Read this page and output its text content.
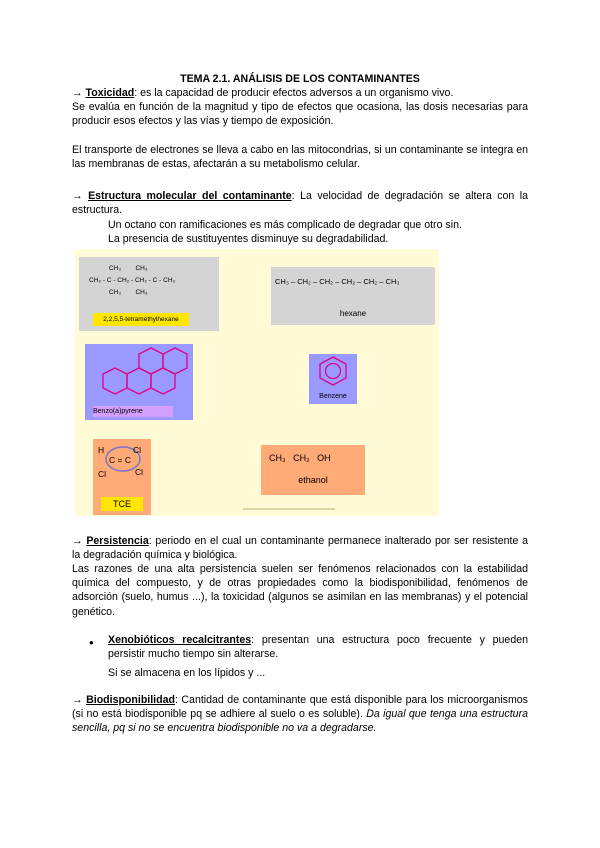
TEMA 2.1. ANÁLISIS DE LOS CONTAMINANTES
→ Toxicidad: es la capacidad de producir efectos adversos a un organismo vivo.
Se evalúa en función de la magnitud y tipo de efectos que ocasiona, las dosis necesarias para producir esos efectos y las vías y tiempo de exposición.
El transporte de electrones se lleva a cabo en las mitocondrias, si un contaminante se integra en las membranas de estas, afectarán a su metabolismo celular.
→ Estructura molecular del contaminante: La velocidad de degradación se altera con la estructura.
Un octano con ramificaciones es más complicado de degradar que otro sin.
La presencia de sustituyentes disminuye su degradabilidad.
CH₃        CH₃
CH₃ - C - CH₂ - CH₂ - C - CH₃
CH₃        CH₃
2,2,5,5-tetramethylhexane
CH₃ – CH₂ – CH₂ – CH₂ – CH₂ – CH₃
hexane
Benzo(a)pyrene
Benzene
H	Cl
C = C
Cl	Cl
TCE
CH₃   CH₂   OH
ethanol
→ Persistencia: periodo en el cual un contaminante permanece inalterado por ser resistente a la degradación química y biológica.
Las razones de una alta persistencia suelen ser fenómenos relacionados con la estabilidad química del compuesto, y de otras propiedades como la biodisponibilidad, fenómenos de adsorción (suelo, humus ...), la toxicidad (algunos se asimilan en las membranas) y el potencial genético.
● Xenobióticos recalcitrantes: presentan una estructura poco frecuente y pueden persistir mucho tiempo sin alterarse.
Si se almacena en los lípidos y ...
→ Biodisponibilidad: Cantidad de contaminante que está disponible para los microorganismos (si no está biodisponible pq se adhiere al suelo o es soluble). Da igual que tenga una estructura sencilla, pq si no se encuentra biodisponible no va a degradarse.
